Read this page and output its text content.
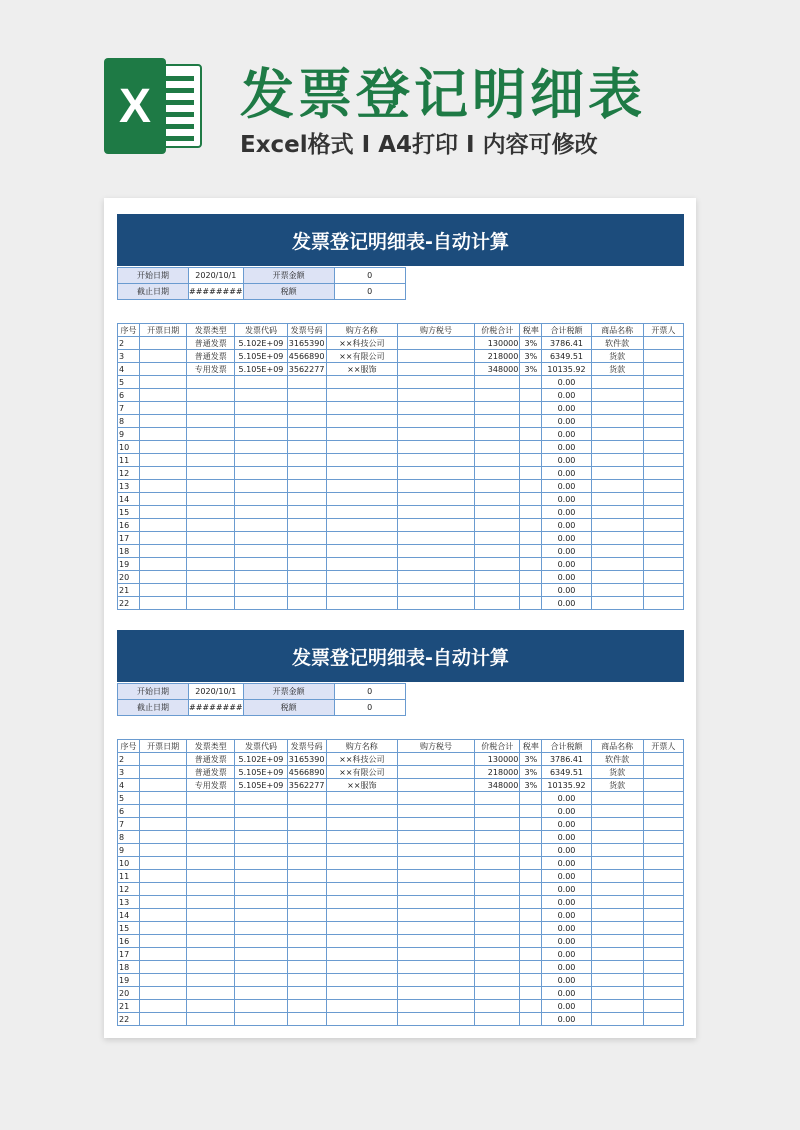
X 发票登记明细表
Excel格式 I A4打印 I 内容可修改
发票登记明细表-自动计算
开始日期	2020/10/1	开票金额	0
截止日期	########	税额	0
序号	开票日期	发票类型	发票代码	发票号码	购方名称	购方税号	价税合计	税率	合计税额	商品名称	开票人
2		普通发票	5.102E+09	3165390	××科技公司		130000	3%	3786.41	软件款	
3		普通发票	5.105E+09	4566890	××有限公司		218000	3%	6349.51	货款	
4		专用发票	5.105E+09	3562277	××服饰		348000	3%	10135.92	货款	
5									0.00		
6									0.00		
7									0.00		
8									0.00		
9									0.00		
10									0.00		
11									0.00		
12									0.00		
13									0.00		
14									0.00		
15									0.00		
16									0.00		
17									0.00		
18									0.00		
19									0.00		
20									0.00		
21									0.00		
22									0.00		
发票登记明细表-自动计算
开始日期	2020/10/1	开票金额	0
截止日期	########	税额	0
序号	开票日期	发票类型	发票代码	发票号码	购方名称	购方税号	价税合计	税率	合计税额	商品名称	开票人
2		普通发票	5.102E+09	3165390	××科技公司		130000	3%	3786.41	软件款	
3		普通发票	5.105E+09	4566890	××有限公司		218000	3%	6349.51	货款	
4		专用发票	5.105E+09	3562277	××服饰		348000	3%	10135.92	货款	
5									0.00		
6									0.00		
7									0.00		
8									0.00		
9									0.00		
10									0.00		
11									0.00		
12									0.00		
13									0.00		
14									0.00		
15									0.00		
16									0.00		
17									0.00		
18									0.00		
19									0.00		
20									0.00		
21									0.00		
22									0.00		
